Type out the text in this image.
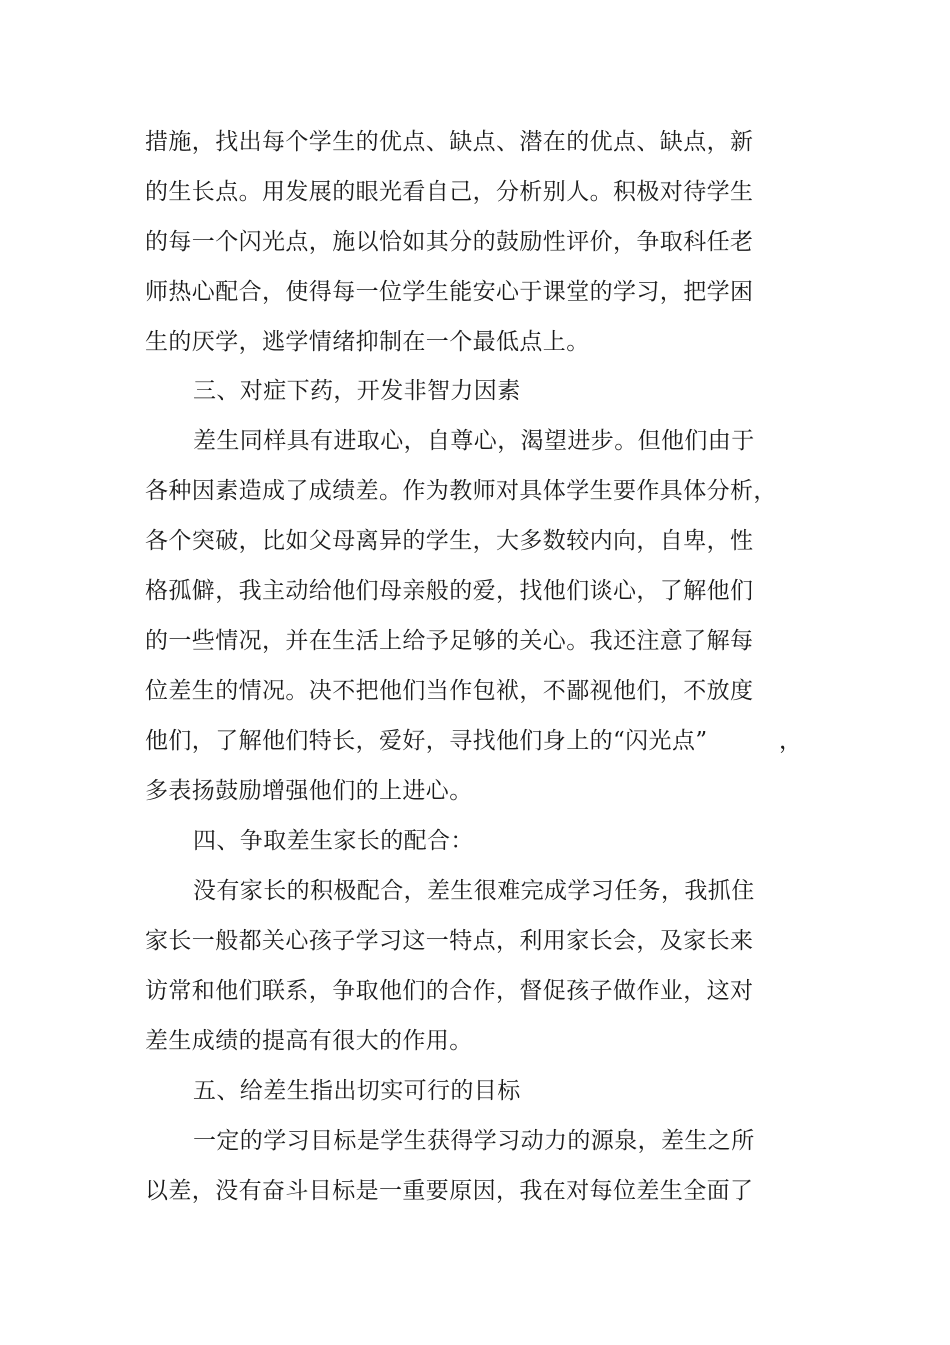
措施，找出每个学生的优点、缺点、潜在的优点、缺点，新
的生长点。用发展的眼光看自己，分析别人。积极对待学生
的每一个闪光点，施以恰如其分的鼓励性评价，争取科任老
师热心配合，使得每一位学生能安心于课堂的学习，把学困
生的厌学，逃学情绪抑制在一个最低点上。
三、对症下药，开发非智力因素
差生同样具有进取心，自尊心，渴望进步。但他们由于
各种因素造成了成绩差。作为教师对具体学生要作具体分析，
各个突破，比如父母离异的学生，大多数较内向，自卑，性
格孤僻，我主动给他们母亲般的爱，找他们谈心，了解他们
的一些情况，并在生活上给予足够的关心。我还注意了解每
位差生的情况。决不把他们当作包袱，不鄙视他们，不放度
他们，了解他们特长，爱好，寻找他们身上的“闪光点”	，
多表扬鼓励增强他们的上进心。
四、争取差生家长的配合：
没有家长的积极配合，差生很难完成学习任务，我抓住
家长一般都关心孩子学习这一特点，利用家长会，及家长来
访常和他们联系，争取他们的合作，督促孩子做作业，这对
差生成绩的提高有很大的作用。
五、给差生指出切实可行的目标
一定的学习目标是学生获得学习动力的源泉，差生之所
以差，没有奋斗目标是一重要原因，我在对每位差生全面了
